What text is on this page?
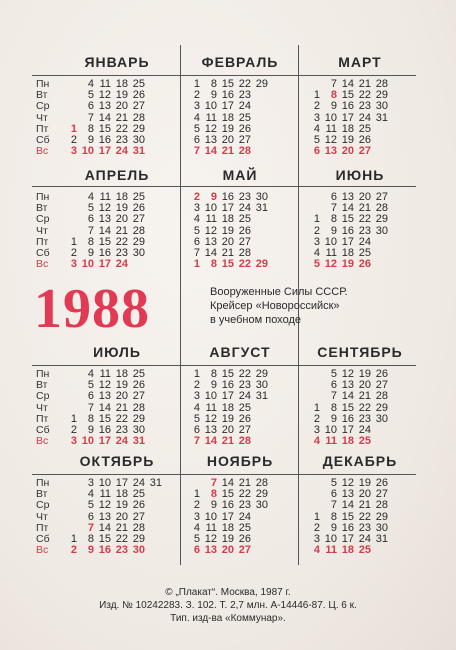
Пн
Вт
Ср
Чт
Пт
Сб
Вс
ЯНВАРЬ
4 11 18 25
5 12 19 26
6 13 20 27
7 14 21 28
1 8 15 22 29
2 9 16 23 30
3 10 17 24 31
ФЕВРАЛЬ
1 8 15 22 29
2 9 16 23
3 10 17 24
4 11 18 25
5 12 19 26
6 13 20 27
7 14 21 28
МАРТ
7 14 21 28
1 8 15 22 29
2 9 16 23 30
3 10 17 24 31
4 11 18 25
5 12 19 26
6 13 20 27
Пн
Вт
Ср
Чт
Пт
Сб
Вс
АПРЕЛЬ
4 11 18 25
5 12 19 26
6 13 20 27
7 14 21 28
1 8 15 22 29
2 9 16 23 30
3 10 17 24
МАЙ
2 9 16 23 30
3 10 17 24 31
4 11 18 25
5 12 19 26
6 13 20 27
7 14 21 28
1 8 15 22 29
ИЮНЬ
6 13 20 27
7 14 21 28
1 8 15 22 29
2 9 16 23 30
3 10 17 24
4 11 18 25
5 12 19 26
Пн
Вт
Ср
Чт
Пт
Сб
Вс
ИЮЛЬ
4 11 18 25
5 12 19 26
6 13 20 27
7 14 21 28
1 8 15 22 29
2 9 16 23 30
3 10 17 24 31
АВГУСТ
1 8 15 22 29
2 9 16 23 30
3 10 17 24 31
4 11 18 25
5 12 19 26
6 13 20 27
7 14 21 28
СЕНТЯБРЬ
5 12 19 26
6 13 20 27
7 14 21 28
1 8 15 22 29
2 9 16 23 30
3 10 17 24
4 11 18 25
Пн
Вт
Ср
Чт
Пт
Сб
Вс
ОКТЯБРЬ
3 10 17 24 31
4 11 18 25
5 12 19 26
6 13 20 27
7 14 21 28
1 8 15 22 29
2 9 16 23 30
НОЯБРЬ
7 14 21 28
1 8 15 22 29
2 9 16 23 30
3 10 17 24
4 11 18 25
5 12 19 26
6 13 20 27
ДЕКАБРЬ
5 12 19 26
6 13 20 27
7 14 21 28
1 8 15 22 29
2 9 16 23 30
3 10 17 24 31
4 11 18 25
1988	Вооруженные Силы СССР.
Крейсер «Новороссийск»
в учебном походе
© „Плакат“. Москва, 1987 г.
Изд. № 10242283. З. 102. Т. 2,7 млн. А-14446-87. Ц. 6 к.
Тип. изд-ва «Коммунар».
